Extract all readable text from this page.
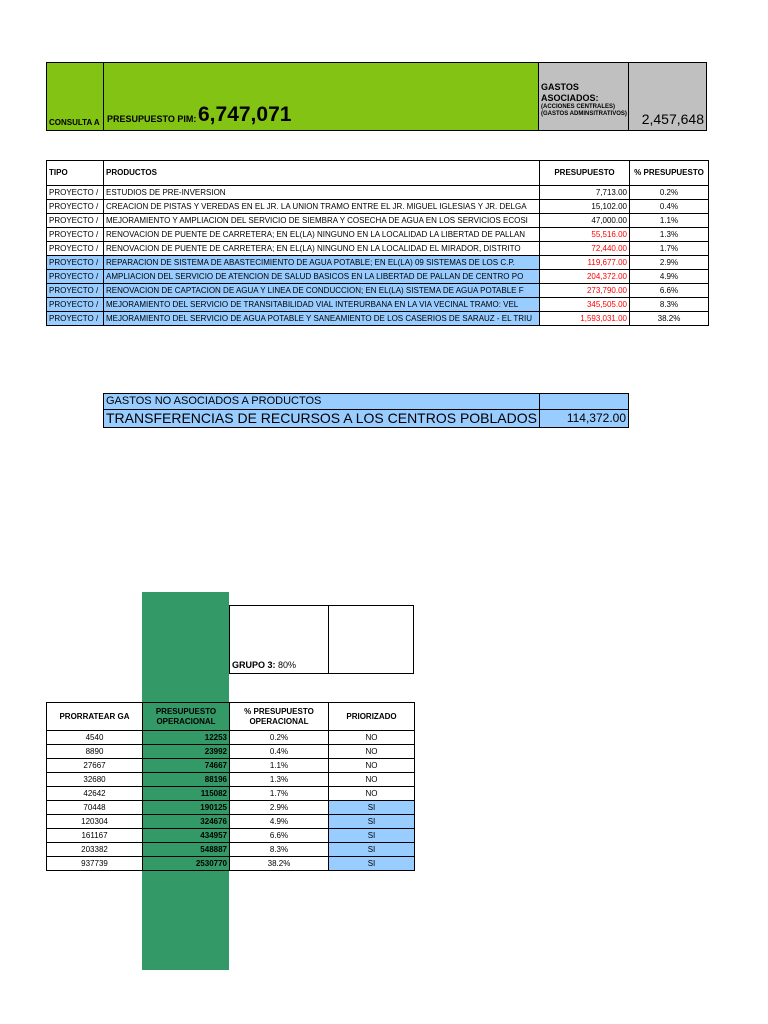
CONSULTA A PRESUPUESTO PIM: 6,747,071
GASTOS ASOCIADOS:
(ACCIONES CENTRALES) (GASTOS ADMINSITRATIVOS) 2,457,648
TIPO	PRODUCTOS	PRESUPUESTO	% PRESUPUESTO
PROYECTO /	ESTUDIOS DE PRE-INVERSION	7,713.00	0.2%
PROYECTO /	CREACION DE PISTAS Y VEREDAS EN EL JR. LA UNION TRAMO ENTRE EL JR. MIGUEL IGLESIAS Y JR. DELGA	15,102.00	0.4%
PROYECTO /	MEJORAMIENTO Y AMPLIACION DEL SERVICIO DE SIEMBRA Y COSECHA DE AGUA EN LOS SERVICIOS ECOSI	47,000.00	1.1%
PROYECTO /	RENOVACION DE PUENTE DE CARRETERA; EN EL(LA) NINGUNO EN LA LOCALIDAD LA LIBERTAD DE PALLAN	55,516.00	1.3%
PROYECTO /	RENOVACION DE PUENTE DE CARRETERA; EN EL(LA) NINGUNO EN LA LOCALIDAD EL MIRADOR, DISTRITO	72,440.00	1.7%
PROYECTO /	REPARACION DE SISTEMA DE ABASTECIMIENTO DE AGUA POTABLE; EN EL(LA) 09 SISTEMAS DE LOS C.P.	119,677.00	2.9%
PROYECTO /	AMPLIACION DEL SERVICIO DE ATENCION DE SALUD BASICOS EN LA LIBERTAD DE PALLAN DE CENTRO PO	204,372.00	4.9%
PROYECTO /	RENOVACION DE CAPTACION DE AGUA Y LINEA DE CONDUCCION; EN EL(LA) SISTEMA DE AGUA POTABLE F	273,790.00	6.6%
PROYECTO /	MEJORAMIENTO DEL SERVICIO DE TRANSITABILIDAD VIAL INTERURBANA EN LA VIA VECINAL TRAMO: VEL	345,505.00	8.3%
PROYECTO /	MEJORAMIENTO DEL SERVICIO DE AGUA POTABLE Y SANEAMIENTO DE LOS CASERIOS DE SARAUZ - EL TRIU	1,593,031.00	38.2%
GASTOS NO ASOCIADOS A PRODUCTOS
TRANSFERENCIAS DE RECURSOS A LOS CENTROS POBLADOS	114,372.00
GRUPO 3: 80%
PRORRATEAR GA	PRESUPUESTO OPERACIONAL	% PRESUPUESTO OPERACIONAL	PRIORIZADO
4540	12253	0.2%	NO
8890	23992	0.4%	NO
27667	74667	1.1%	NO
32680	88196	1.3%	NO
42642	115082	1.7%	NO
70448	190125	2.9%	SI
120304	324676	4.9%	SI
161167	434957	6.6%	SI
203382	548887	8.3%	SI
937739	2530770	38.2%	SI
